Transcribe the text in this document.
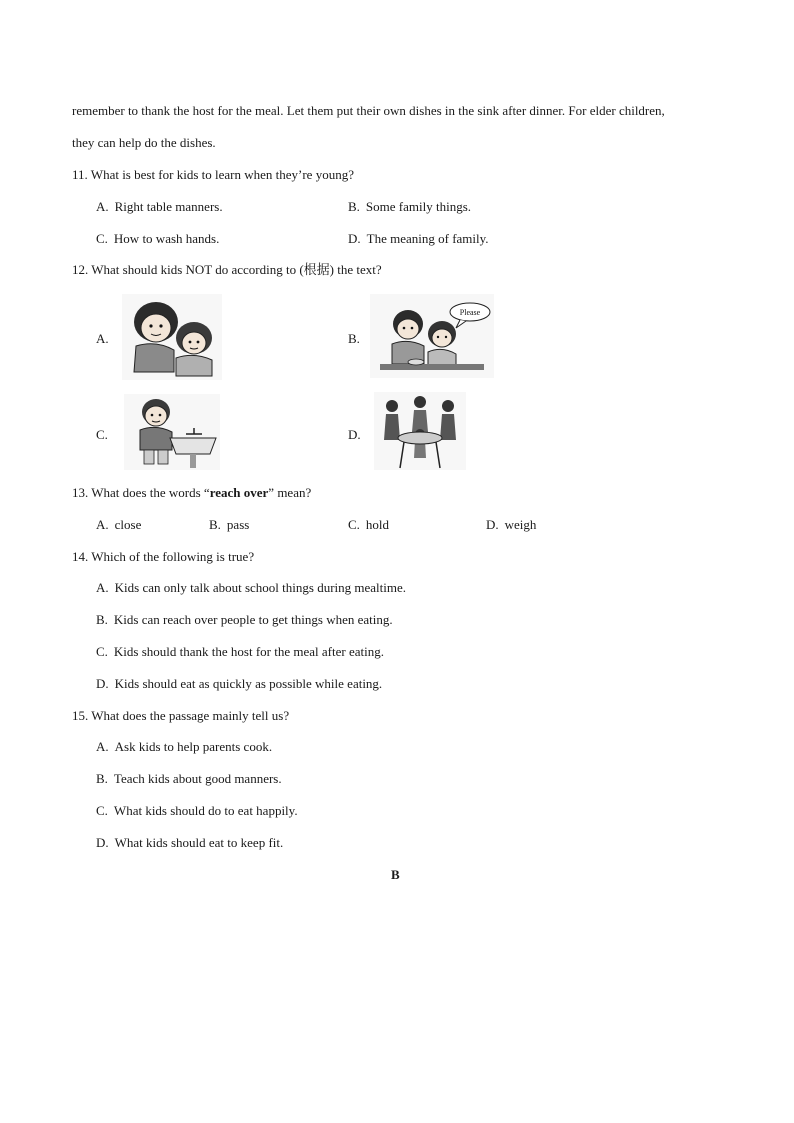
remember to thank the host for the meal. Let them put their own dishes in the sink after dinner. For elder children,
they can help do the dishes.
11. What is best for kids to learn when they’re young?
A. Right table manners.	B. Some family things.
C. How to wash hands.	D. The meaning of family.
12. What should kids NOT do according to (根据) the text?
A.	B.
Please
C.	D.
13. What does the words “reach over” mean?
A. close	B. pass	C. hold	D. weigh
14. Which of the following is true?
A. Kids can only talk about school things during mealtime.
B. Kids can reach over people to get things when eating.
C. Kids should thank the host for the meal after eating.
D. Kids should eat as quickly as possible while eating.
15. What does the passage mainly tell us?
A. Ask kids to help parents cook.
B. Teach kids about good manners.
C. What kids should do to eat happily.
D. What kids should eat to keep fit.
B
